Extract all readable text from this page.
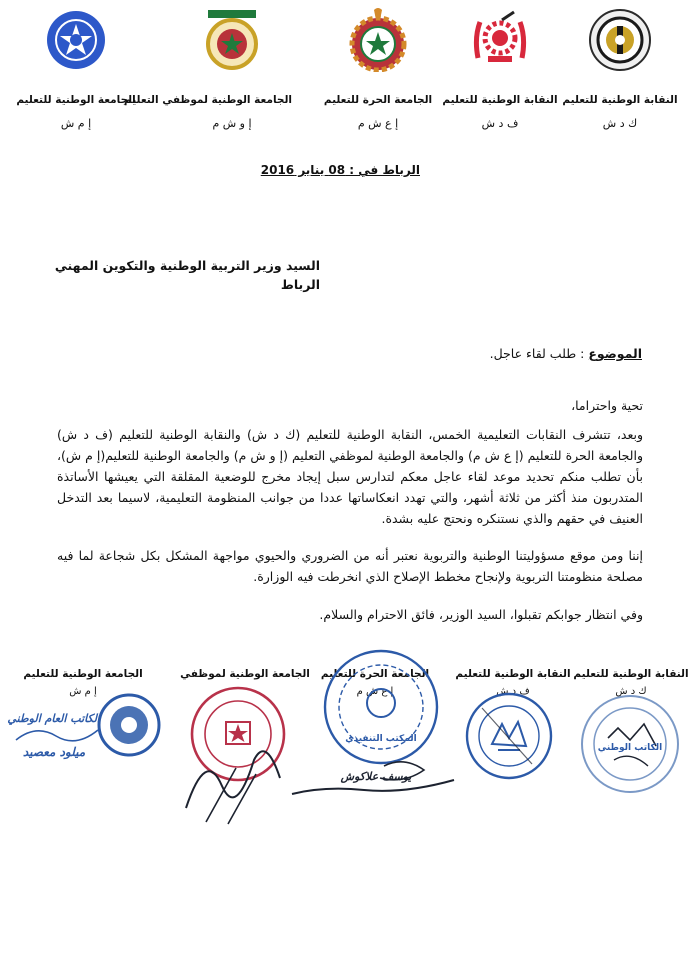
النقابة الوطنية للتعليم
ك د ش
النقابة الوطنية للتعليم
ف د ش
الجامعة الحرة للتعليم
إ ع ش م
الجامعة الوطنية لموظفي التعليم
إ و ش م
الجامعة الوطنية للتعليم
إ م ش
الرباط في : 08 يناير 2016
السيد وزير التربية الوطنية والتكوين المهني
الرباط
الموضوع : طلب لقاء عاجل.
تحية واحتراما،

وبعد، تتشرف النقابات التعليمية الخمس، النقابة الوطنية للتعليم (ك د ش) والنقابة الوطنية للتعليم (ف د ش) والجامعة الحرة للتعليم (إ ع ش م) والجامعة الوطنية لموظفي التعليم (إ و ش م) والجامعة الوطنية للتعليم(إ م ش)، بأن تطلب منكم تحديد موعد لقاء عاجل معكم لتدارس سبل إيجاد مخرج للوضعية المقلقة التي يعيشها الأساتذة المتدربون منذ أكثر من ثلاثة أشهر، والتي تهدد انعكاساتها عددا من جوانب المنظومة التعليمية، لاسيما بعد التدخل العنيف في حقهم والذي نستنكره ونحتج عليه بشدة.

إننا ومن موقع مسؤوليتنا الوطنية والتربوية نعتبر أنه من الضروري والحيوي مواجهة المشكل بكل شجاعة لما فيه مصلحة منظومتنا التربوية ولإنجاح مخطط الإصلاح الذي انخرطت فيه الوزارة.

وفي انتظار جوابكم تقبلوا، السيد الوزير، فائق الاحترام والسلام.
النقابة الوطنية للتعليم
ك د ش
النقابة الوطنية للتعليم
ف د ش
الجامعة الحرة للتعليم
إ ع ش م
الجامعة الوطنية لموظفي
الجامعة الوطنية للتعليم
إ م ش
الكاتب الوطني
المكتب التنفيذي
يوسف علاكوش
الكاتب العام الوطني
ميلود معصيد
